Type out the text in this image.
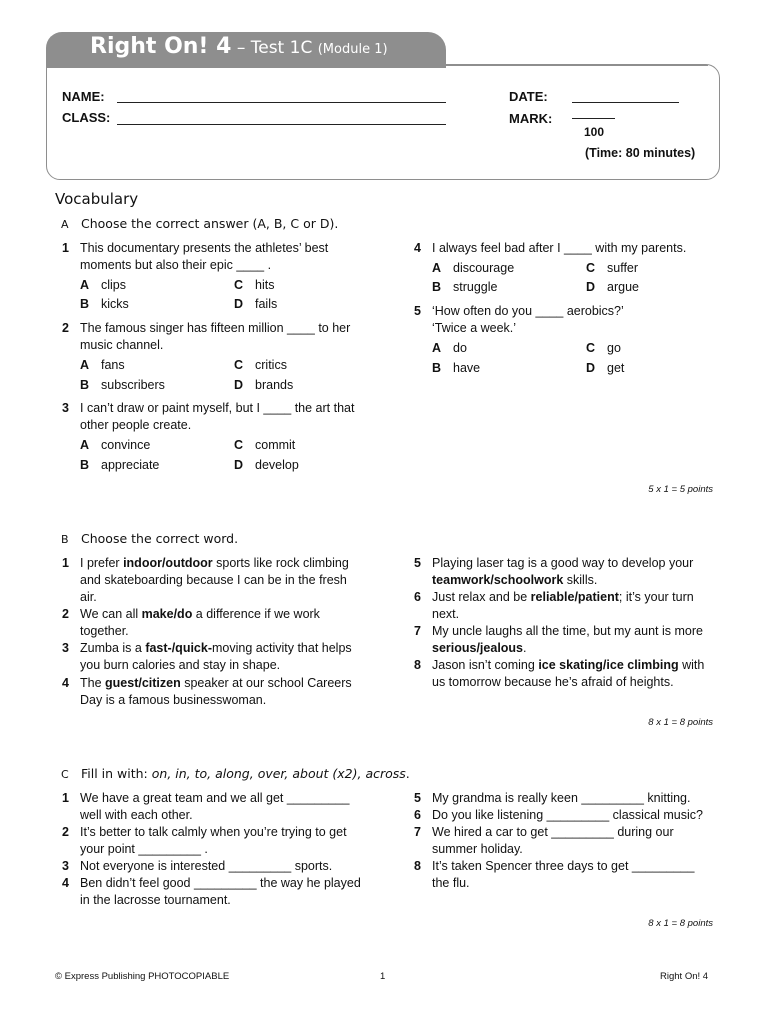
Right On! 4 – Test 1C (Module 1)
NAME:
CLASS:
DATE:
MARK:
100
(Time: 80 minutes)
Vocabulary
A Choose the correct answer (A, B, C or D).
1 This documentary presents the athletes’ best moments but also their epic ____ .
A clips	C hits
B kicks	D fails
2 The famous singer has fifteen million ____ to her music channel.
A fans	C critics
B subscribers	D brands
3 I can’t draw or paint myself, but I ____ the art that other people create.
A convince	C commit
B appreciate	D develop
4 I always feel bad after I ____ with my parents.
A discourage	C suffer
B struggle	D argue
5 ‘How often do you ____ aerobics?’ ‘Twice a week.’
A do	C go
B have	D get
5 x 1 = 5 points
B Choose the correct word.
1 I prefer indoor/outdoor sports like rock climbing and skateboarding because I can be in the fresh air.
2 We can all make/do a difference if we work together.
3 Zumba is a fast-/quick-moving activity that helps you burn calories and stay in shape.
4 The guest/citizen speaker at our school Careers Day is a famous businesswoman.
5 Playing laser tag is a good way to develop your teamwork/schoolwork skills.
6 Just relax and be reliable/patient; it’s your turn next.
7 My uncle laughs all the time, but my aunt is more serious/jealous.
8 Jason isn’t coming ice skating/ice climbing with us tomorrow because he’s afraid of heights.
8 x 1 = 8 points
C Fill in with: on, in, to, along, over, about (x2), across.
1 We have a great team and we all get _________ well with each other.
2 It’s better to talk calmly when you’re trying to get your point _________ .
3 Not everyone is interested _________ sports.
4 Ben didn’t feel good _________ the way he played in the lacrosse tournament.
5 My grandma is really keen _________ knitting.
6 Do you like listening _________ classical music?
7 We hired a car to get _________ during our summer holiday.
8 It’s taken Spencer three days to get _________ the flu.
8 x 1 = 8 points
© Express Publishing PHOTOCOPIABLE	1	Right On! 4
